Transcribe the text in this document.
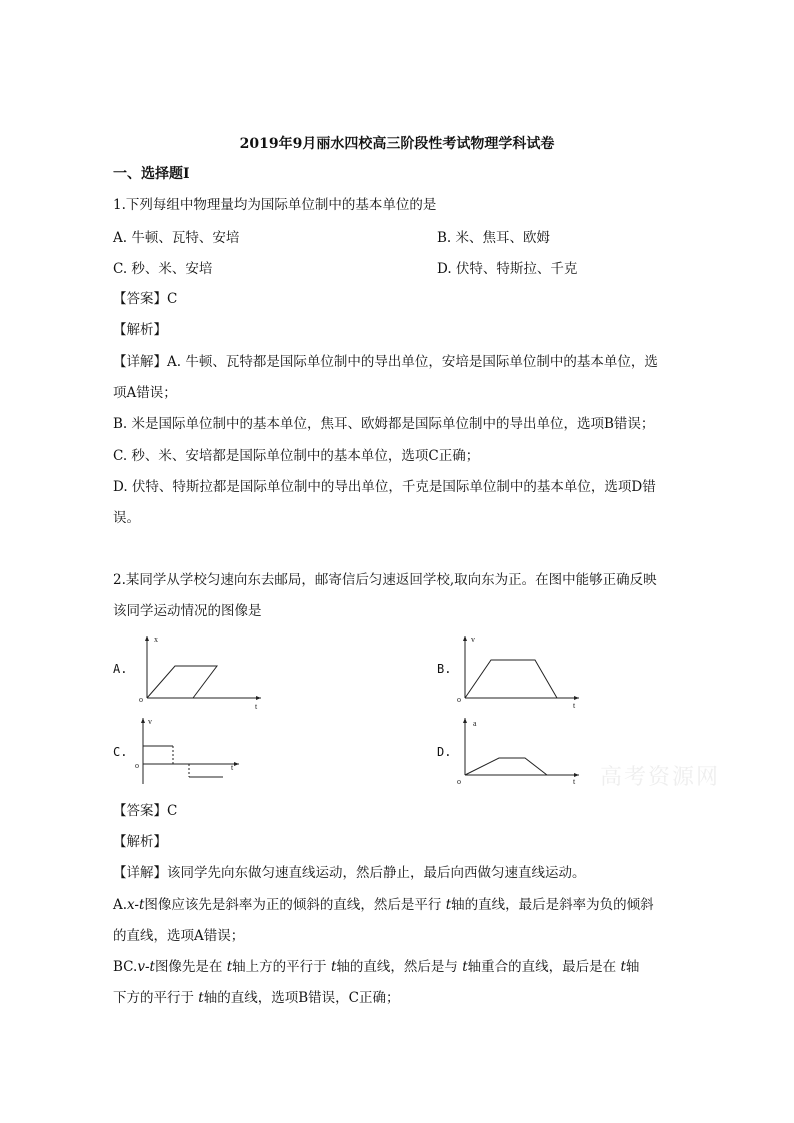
2019年9月丽水四校高三阶段性考试物理学科试卷
一、选择题Ⅰ
1.下列每组中物理量均为国际单位制中的基本单位的是
A. 牛顿、瓦特、安培	B. 米、焦耳、欧姆
C. 秒、米、安培	D. 伏特、特斯拉、千克
【答案】C
【解析】
【详解】A. 牛顿、瓦特都是国际单位制中的导出单位，安培是国际单位制中的基本单位，选
项A错误；
B. 米是国际单位制中的基本单位，焦耳、欧姆都是国际单位制中的导出单位，选项B错误；
C. 秒、米、安培都是国际单位制中的基本单位，选项C正确；
D. 伏特、特斯拉都是国际单位制中的导出单位，千克是国际单位制中的基本单位，选项D错
误。
2.某同学从学校匀速向东去邮局，邮寄信后匀速返回学校,取向东为正。在图中能够正确反映
该同学运动情况的图像是
A.
x
o
t
B.
v
o
t
C.
v
o	t
D.
a
o	t 高考资源网
【答案】C
【解析】
【详解】该同学先向东做匀速直线运动，然后静止，最后向西做匀速直线运动。
A.x-t图像应该先是斜率为正的倾斜的直线，然后是平行 t轴的直线，最后是斜率为负的倾斜
的直线，选项A错误；
BC.v-t图像先是在 t轴上方的平行于 t轴的直线，然后是与 t轴重合的直线，最后是在 t轴
下方的平行于 t轴的直线，选项B错误，C正确；
